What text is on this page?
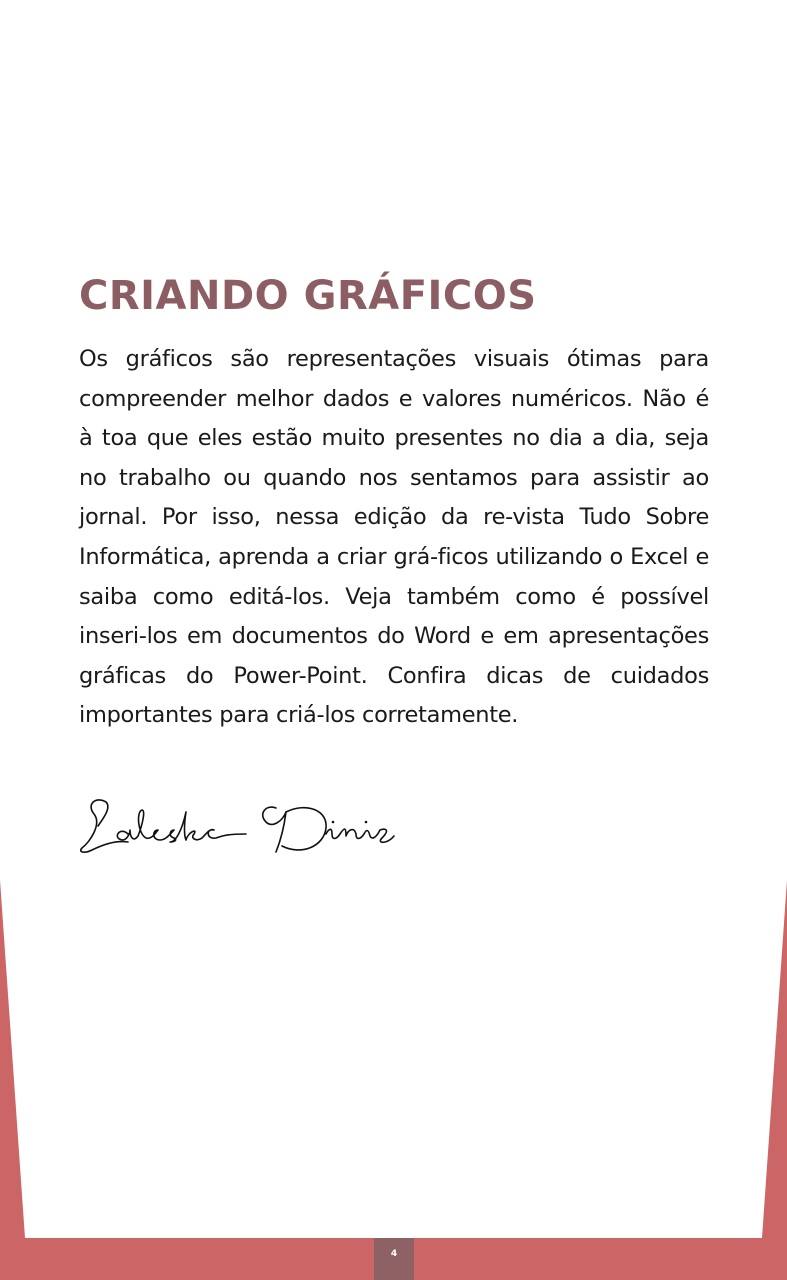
CRIANDO GRÁFICOS

Os gráficos são representações visuais ótimas para compreender melhor dados e valores numéricos. Não é à toa que eles estão muito presentes no dia a dia, seja no trabalho ou quando nos sentamos para assistir ao jornal. Por isso, nessa edição da re-vista Tudo Sobre Informática, aprenda a criar grá-ficos utilizando o Excel e saiba como editá-los. Veja também como é possível inseri-los em documentos do Word e em apresentações gráficas do Power-Point. Confira dicas de cuidados importantes para criá-los corretamente.

4
